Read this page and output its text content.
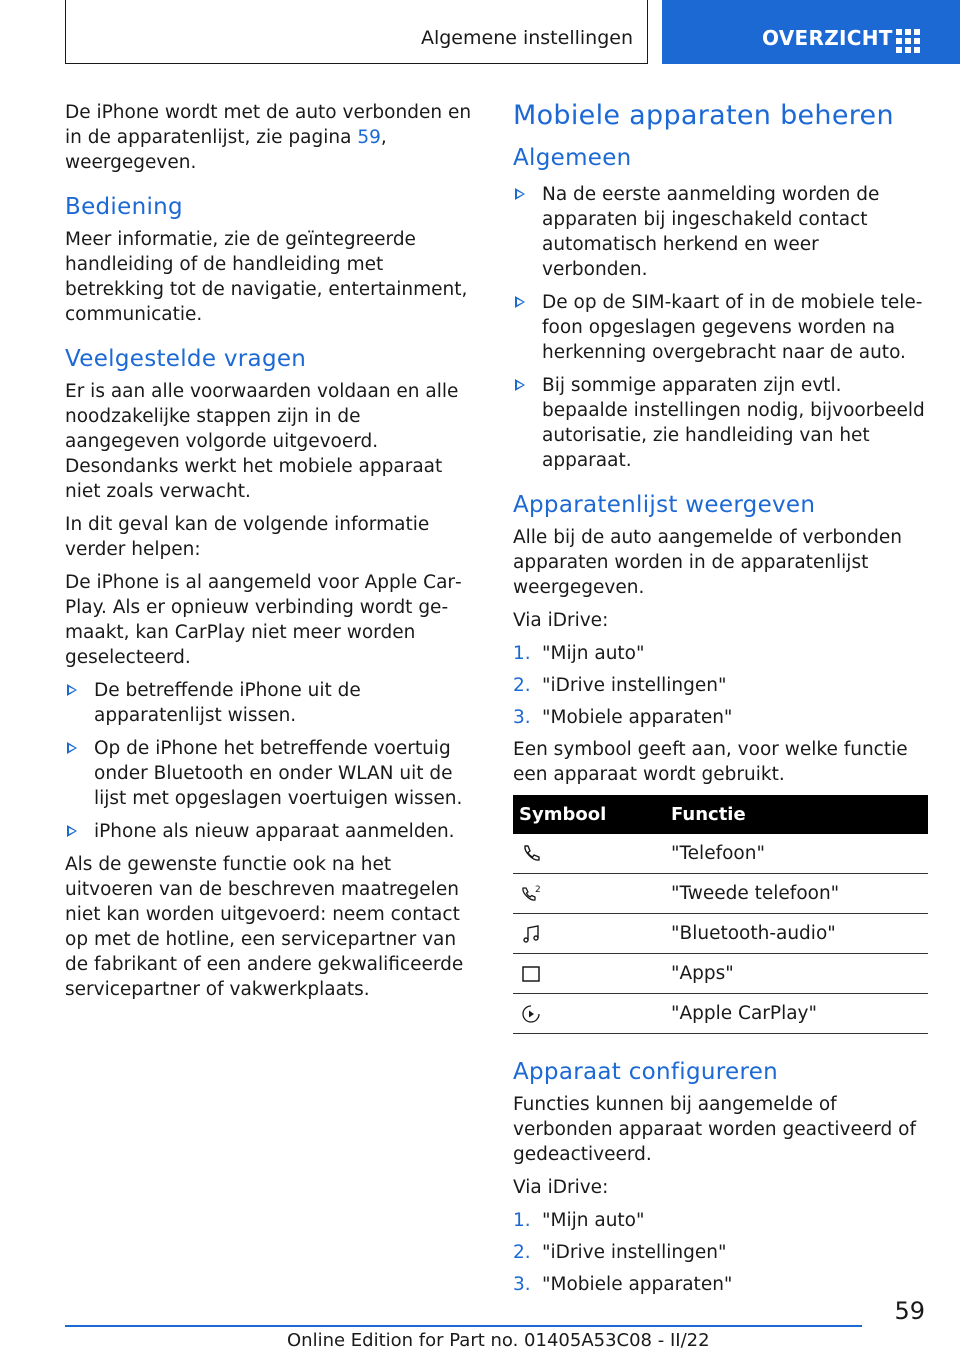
Algemene instellingen	OVERZICHT

De iPhone wordt met de auto verbonden en in de apparatenlijst, zie pagina 59, weergegeven.

Bediening

Meer informatie, zie de geïntegreerde handleiding of de handleiding met betrekking tot de navigatie, entertainment, communicatie.

Veelgestelde vragen

Er is aan alle voorwaarden voldaan en alle noodzakelijke stappen zijn in de aangegeven volgorde uitgevoerd. Desondanks werkt het mobiele apparaat niet zoals verwacht.

In dit geval kan de volgende informatie verder helpen:

De iPhone is al aangemeld voor Apple CarPlay. Als er opnieuw verbinding wordt gemaakt, kan CarPlay niet meer worden geselecteerd.

De betreffende iPhone uit de apparatenlijst wissen.
Op de iPhone het betreffende voertuig onder Bluetooth en onder WLAN uit de lijst met opgeslagen voertuigen wissen.
iPhone als nieuw apparaat aanmelden.

Als de gewenste functie ook na het uitvoeren van de beschreven maatregelen niet kan worden uitgevoerd: neem contact op met de hotline, een servicepartner van de fabrikant of een andere gekwalificeerde servicepartner of vakwerkplaats.

Mobiele apparaten beheren
Algemeen
Na de eerste aanmelding worden de apparaten bij ingeschakeld contact automatisch herkend en weer verbonden.
De op de SIM-kaart of in de mobiele telefoon opgeslagen gegevens worden na herkenning overgebracht naar de auto.
Bij sommige apparaten zijn evtl. bepaalde instellingen nodig, bijvoorbeeld autorisatie, zie handleiding van het apparaat.
Apparatenlijst weergeven

Alle bij de auto aangemelde of verbonden apparaten worden in de apparatenlijst weergegeven.

Via iDrive:

1. "Mijn auto"
2. "iDrive instellingen"
3. "Mobiele apparaten"

Een symbool geeft aan, voor welke functie een apparaat wordt gebruikt.

Symbool	Functie
	"Telefoon"

2	"Tweede telefoon"
	"Bluetooth-audio"
	"Apps"
	"Apple CarPlay"
Apparaat configureren

Functies kunnen bij aangemelde of verbonden apparaat worden geactiveerd of gedeactiveerd.

Via iDrive:

1. "Mijn auto"
2. "iDrive instellingen"
3. "Mobiele apparaten"
59
Online Edition for Part no. 01405A53C08 - II/22
